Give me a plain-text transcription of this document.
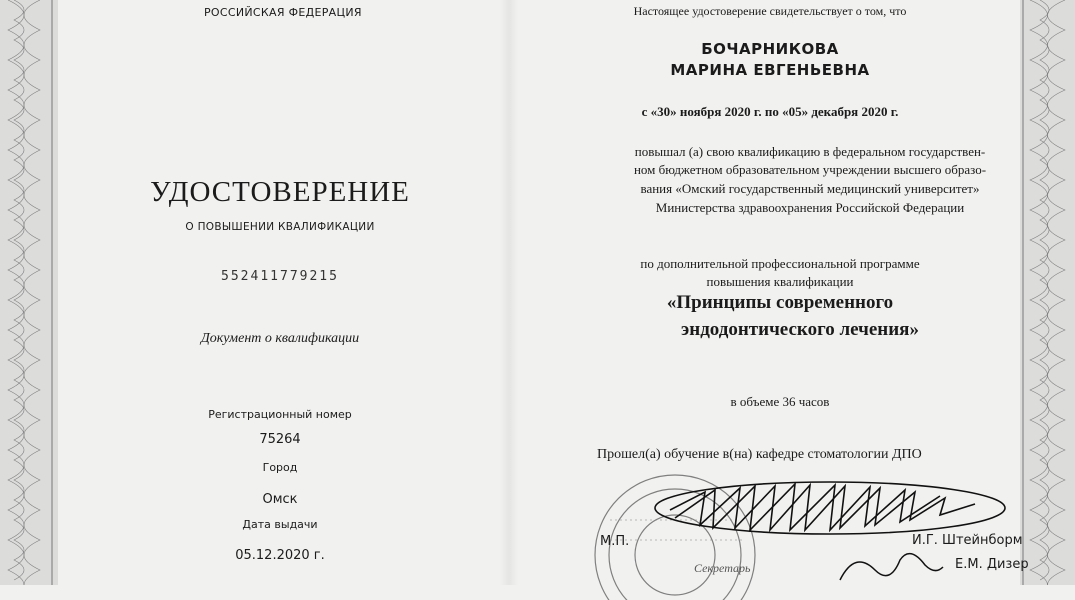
РОССИЙСКАЯ ФЕДЕРАЦИЯ
УДОСТОВЕРЕНИЕ
О ПОВЫШЕНИИ КВАЛИФИКАЦИИ
552411779215
Документ о квалификации
Регистрационный номер
75264
Город
Омск
Дата выдачи
05.12.2020 г.
Настоящее удостоверение свидетельствует о том, что
БОЧАРНИКОВА
МАРИНА ЕВГЕНЬЕВНА
с «30» ноября 2020 г. по «05» декабря 2020 г.
повышал (а) свою квалификацию в федеральном государствен-
ном бюджетном образовательном учреждении высшего образо-
вания «Омский государственный медицинский университет»
Министерства здравоохранения Российской Федерации
по дополнительной профессиональной программе
повышения квалификации
«Принципы современного
эндодонтического лечения»
в объеме 36 часов
Прошел(а) обучение в(на) кафедре стоматологии ДПО
М.П.	И.Г. Штейнборм
Секретарь	Е.М. Дизер
